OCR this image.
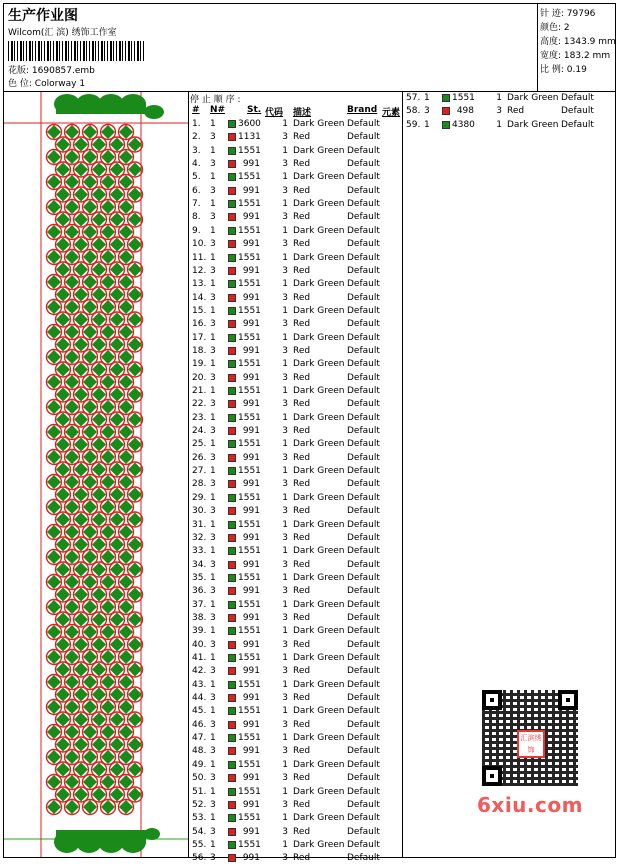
生产作业图
Wilcom(汇 滨) 绣饰工作室
花版: 1690857.emb
色 位: Colorway 1
针 迹: 79796
颜色: 2
高度: 1343.9 mm
宽度: 183.2 mm
比 例: 0.19
停 止 顺 序 :
# N# St. 代码 描述	Brand 元素
1. 1 3600	1 Dark Green Default
2. 3 1131	3 Red	Default
3. 1 1551	1 Dark Green Default
4. 3	991	3 Red	Default
5. 1 1551	1 Dark Green Default
6. 3	991	3 Red	Default
7. 1 1551	1 Dark Green Default
8. 3	991	3 Red	Default
9. 1 1551	1 Dark Green Default
10. 3	991	3 Red	Default
11. 1 1551	1 Dark Green Default
12. 3	991	3 Red	Default
13. 1 1551	1 Dark Green Default
14. 3	991	3 Red	Default
15. 1 1551	1 Dark Green Default
16. 3	991	3 Red	Default
17. 1 1551	1 Dark Green Default
18. 3	991	3 Red	Default
19. 1 1551	1 Dark Green Default
20. 3	991	3 Red	Default
21. 1 1551	1 Dark Green Default
22. 3	991	3 Red	Default
23. 1 1551	1 Dark Green Default
24. 3	991	3 Red	Default
25. 1 1551	1 Dark Green Default
26. 3	991	3 Red	Default
27. 1 1551	1 Dark Green Default
28. 3	991	3 Red	Default
29. 1 1551	1 Dark Green Default
30. 3	991	3 Red	Default
31. 1 1551	1 Dark Green Default
32. 3	991	3 Red	Default
33. 1 1551	1 Dark Green Default
34. 3	991	3 Red	Default
35. 1 1551	1 Dark Green Default
36. 3	991	3 Red	Default
37. 1 1551	1 Dark Green Default
38. 3	991	3 Red	Default
39. 1 1551	1 Dark Green Default
40. 3	991	3 Red	Default
41. 1 1551	1 Dark Green Default
42. 3	991	3 Red	Default
43. 1 1551	1 Dark Green Default
44. 3	991	3 Red	Default
45. 1 1551	1 Dark Green Default
46. 3	991	3 Red	Default
47. 1 1551	1 Dark Green Default
48. 3	991	3 Red	Default
49. 1 1551	1 Dark Green Default
50. 3	991	3 Red	Default
51. 1 1551	1 Dark Green Default
52. 3	991	3 Red	Default
53. 1 1551	1 Dark Green Default
54. 3	991	3 Red	Default
55. 1 1551	1 Dark Green Default
56. 3	991	3 Red	Default
57. 1 1551	1 Dark Green Default
58. 3	498	3 Red	Default
59. 1 4380	1 Dark Green Default
汇滨绣饰
6xiu.com
